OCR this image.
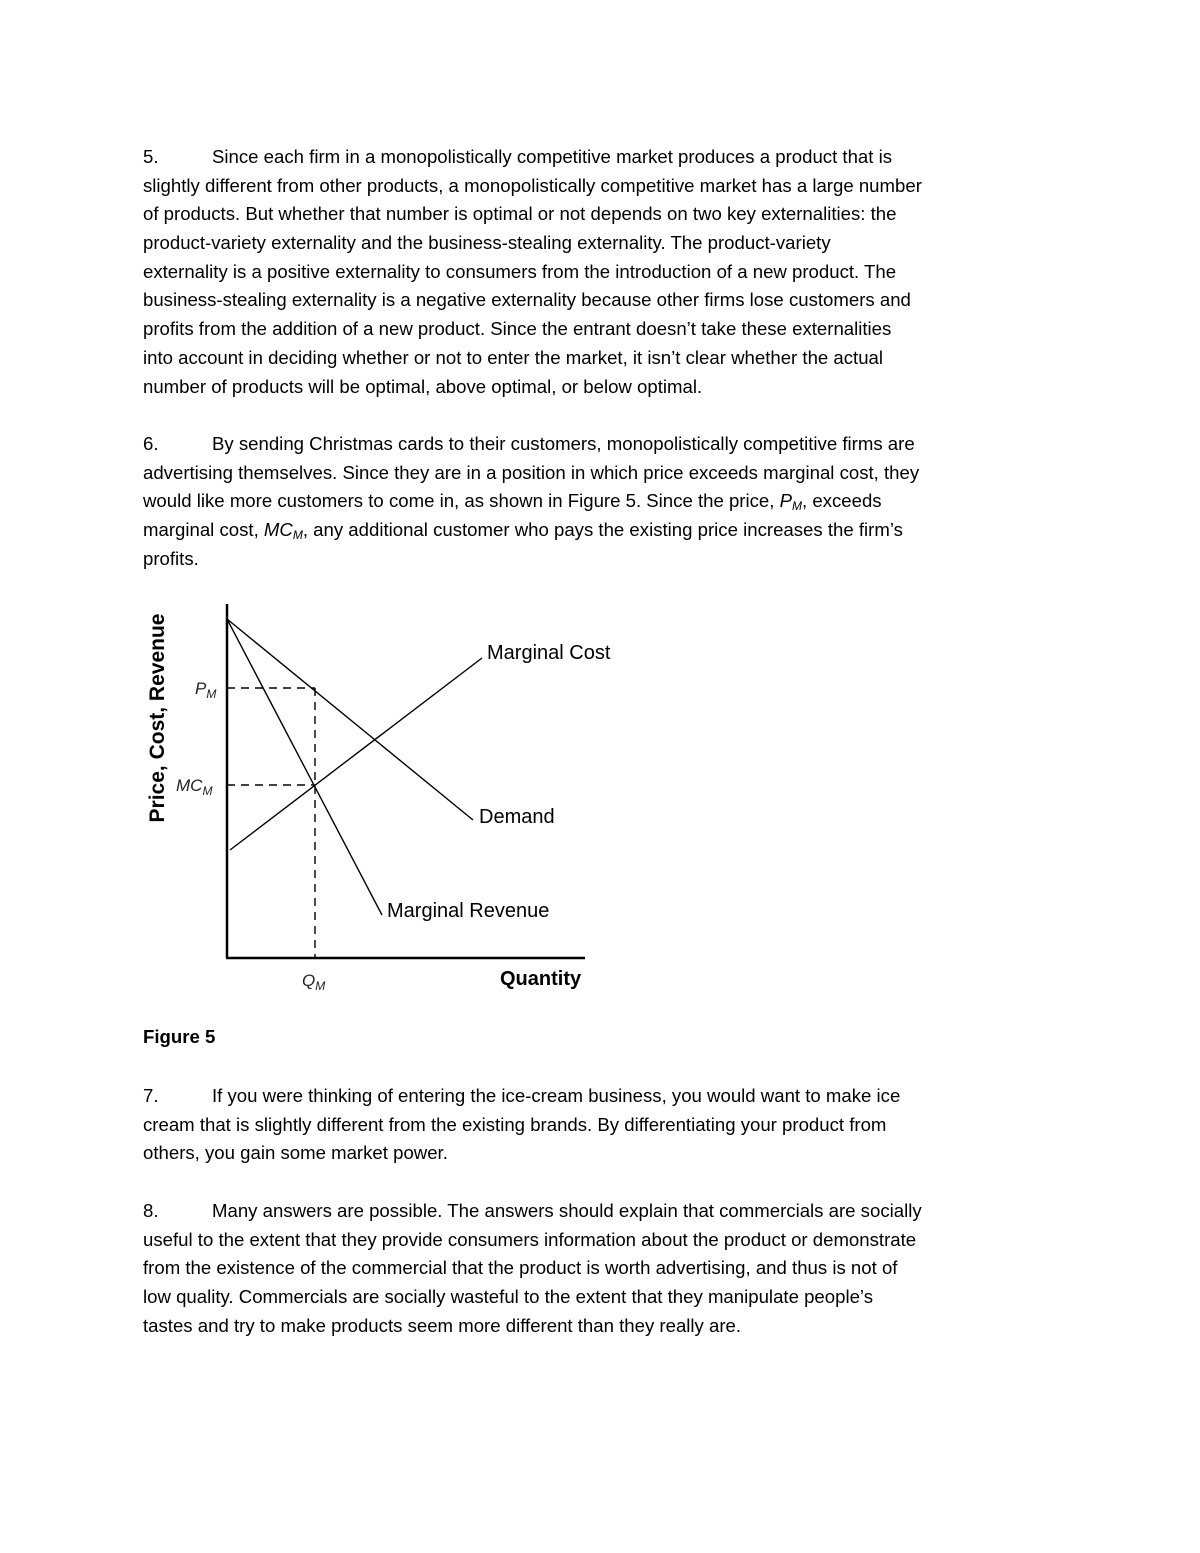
5.	Since each firm in a monopolistically competitive market produces a product that is
slightly different from other products, a monopolistically competitive market has a large number
of products. But whether that number is optimal or not depends on two key externalities: the
product-variety externality and the business-stealing externality. The product-variety
externality is a positive externality to consumers from the introduction of a new product. The
business-stealing externality is a negative externality because other firms lose customers and
profits from the addition of a new product. Since the entrant doesn’t take these externalities
into account in deciding whether or not to enter the market, it isn’t clear whether the actual
number of products will be optimal, above optimal, or below optimal.
6.	By sending Christmas cards to their customers, monopolistically competitive firms are
advertising themselves. Since they are in a position in which price exceeds marginal cost, they
would like more customers to come in, as shown in Figure 5. Since the price, $P_M$, exceeds
marginal cost, $MC_M$, any additional customer who pays the existing price increases the firm’s
profits.
7.	If you were thinking of entering the ice-cream business, you would want to make ice
cream that is slightly different from the existing brands. By differentiating your product from
others, you gain some market power.
8.	Many answers are possible. The answers should explain that commercials are socially
useful to the extent that they provide consumers information about the product or demonstrate
from the existence of the commercial that the product is worth advertising, and thus is not of
low quality. Commercials are socially wasteful to the extent that they manipulate people’s
tastes and try to make products seem more different than they really are.
Price, Cost, Revenue
Quantity
Marginal Cost
Demand
Marginal Revenue
$P_M$
$MC_M$
$Q_M$
Figure 5
